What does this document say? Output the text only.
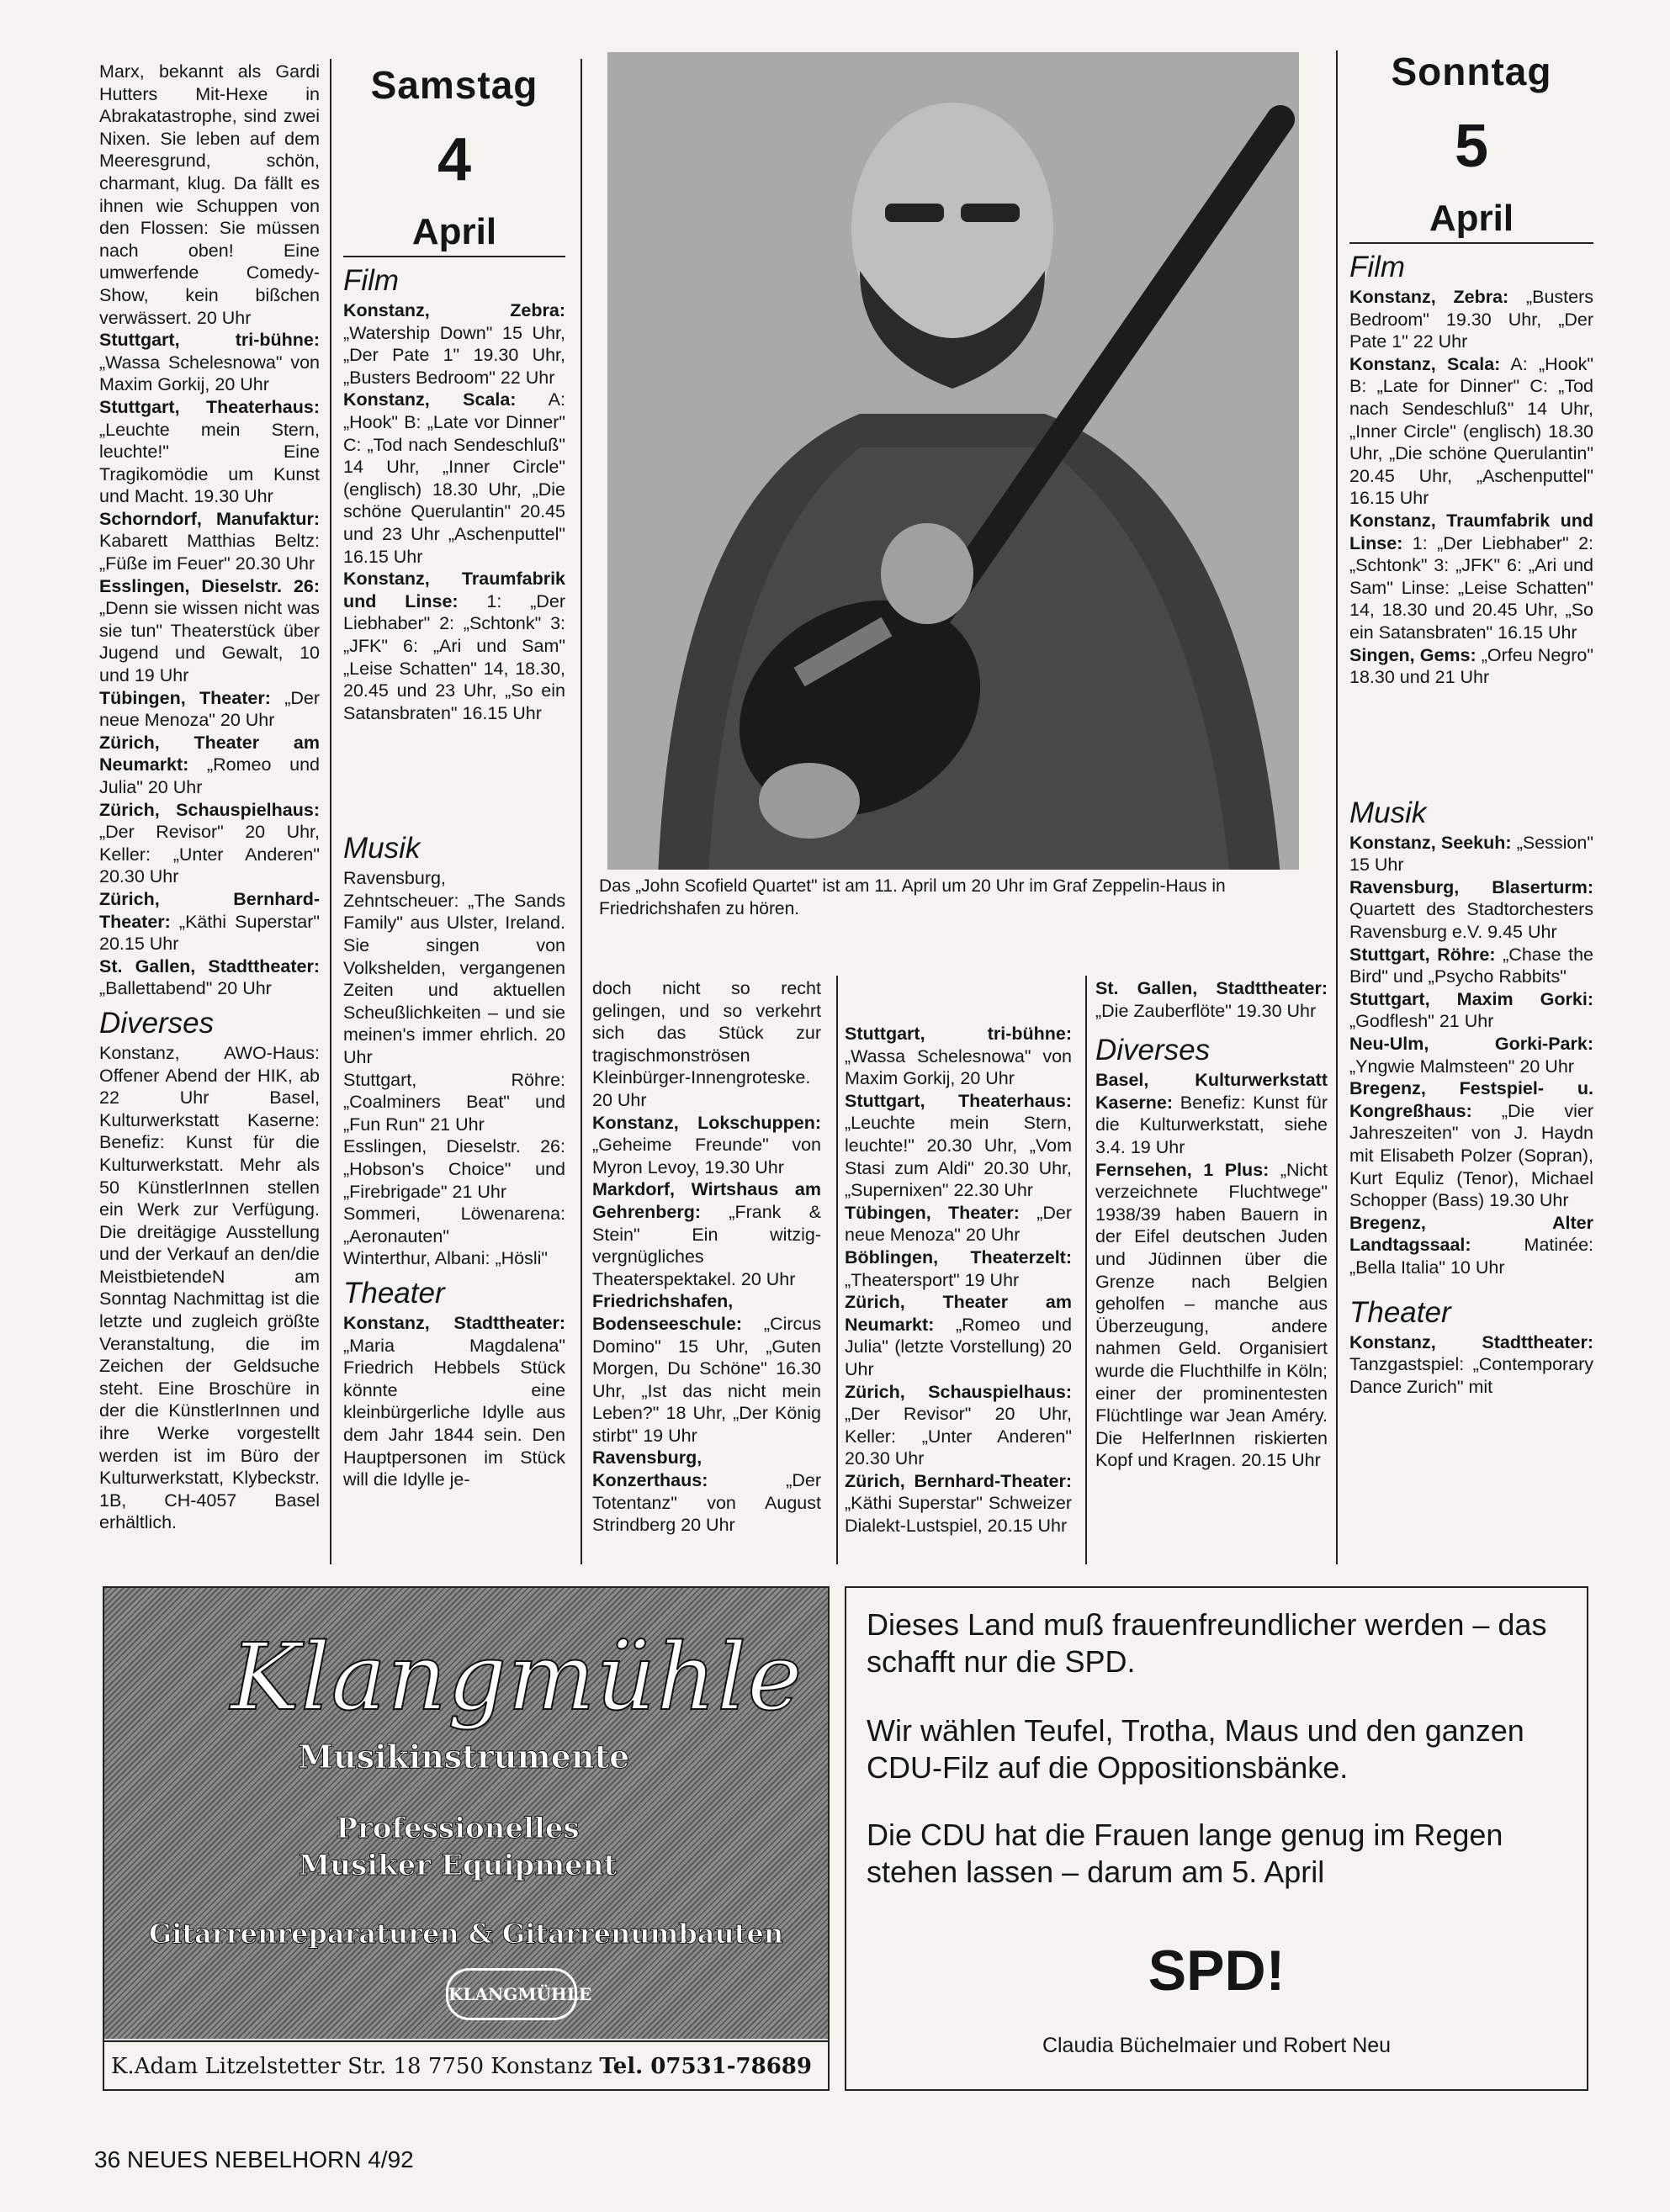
Marx, bekannt als Gardi Hutters Mit-Hexe in Abrakatastrophe, sind zwei Nixen. Sie leben auf dem Meeresgrund, schön, charmant, klug. Da fällt es ihnen wie Schuppen von den Flossen: Sie müssen nach oben! Eine umwerfende Comedy-Show, kein bißchen verwässert. 20 Uhr

Stuttgart, tri-bühne: „Wassa Schelesnowa" von Maxim Gorkij, 20 Uhr

Stuttgart, Theaterhaus: „Leuchte mein Stern, leuchte!" Eine Tragikomödie um Kunst und Macht. 19.30 Uhr

Schorndorf, Manufaktur: Kabarett Matthias Beltz: „Füße im Feuer" 20.30 Uhr

Esslingen, Dieselstr. 26: „Denn sie wissen nicht was sie tun" Theaterstück über Jugend und Gewalt, 10 und 19 Uhr

Tübingen, Theater: „Der neue Menoza" 20 Uhr

Zürich, Theater am Neumarkt: „Romeo und Julia" 20 Uhr

Zürich, Schauspielhaus: „Der Revisor" 20 Uhr, Keller: „Unter Anderen" 20.30 Uhr

Zürich, Bernhard-Theater: „Käthi Superstar" 20.15 Uhr

St. Gallen, Stadttheater: „Ballettabend" 20 Uhr

Diverses

Konstanz, AWO-Haus: Offener Abend der HIK, ab 22 Uhr Basel, Kulturwerkstatt Kaserne: Benefiz: Kunst für die Kulturwerkstatt. Mehr als 50 KünstlerInnen stellen ein Werk zur Verfügung. Die dreitägige Ausstellung und der Verkauf an den/die MeistbietendeN am Sonntag Nachmittag ist die letzte und zugleich größte Veranstaltung, die im Zeichen der Geldsuche steht. Eine Broschüre in der die KünstlerInnen und ihre Werke vorgestellt werden ist im Büro der Kulturwerkstatt, Klybeckstr. 1B, CH-4057 Basel erhältlich.

Samstag
4
April
Film

Konstanz, Zebra: „Watership Down" 15 Uhr, „Der Pate 1" 19.30 Uhr, „Busters Bedroom" 22 Uhr

Konstanz, Scala: A: „Hook" B: „Late vor Dinner" C: „Tod nach Sendeschluß" 14 Uhr, „Inner Circle" (englisch) 18.30 Uhr, „Die schöne Querulantin" 20.45 und 23 Uhr „Aschenputtel" 16.15 Uhr

Konstanz, Traumfabrik und Linse: 1: „Der Liebhaber" 2: „Schtonk" 3: „JFK" 6: „Ari und Sam" „Leise Schatten" 14, 18.30, 20.45 und 23 Uhr, „So ein Satansbraten" 16.15 Uhr

Musik

Ravensburg, Zehntscheuer: „The Sands Family" aus Ulster, Ireland. Sie singen von Volkshelden, vergangenen Zeiten und aktuellen Scheußlichkeiten – und sie meinen's immer ehrlich. 20 Uhr

Stuttgart, Röhre: „Coalminers Beat" und „Fun Run" 21 Uhr

Esslingen, Dieselstr. 26: „Hobson's Choice" und „Firebrigade" 21 Uhr

Sommeri, Löwenarena: „Aeronauten"

Winterthur, Albani: „Hösli"

Theater

Konstanz, Stadttheater: „Maria Magdalena" Friedrich Hebbels Stück könnte eine kleinbürgerliche Idylle aus dem Jahr 1844 sein. Den Hauptpersonen im Stück will die Idylle je-

Das „John Scofield Quartet" ist am 11. April um 20 Uhr im Graf Zeppelin-Haus in Friedrichshafen zu hören.

doch nicht so recht gelingen, und so verkehrt sich das Stück zur tragischmonströsen Kleinbürger-Innengroteske. 20 Uhr

Konstanz, Lokschuppen: „Geheime Freunde" von Myron Levoy, 19.30 Uhr

Markdorf, Wirtshaus am Gehrenberg: „Frank & Stein" Ein witzig-vergnügliches Theaterspektakel. 20 Uhr

Friedrichshafen, Bodenseeschule: „Circus Domino" 15 Uhr, „Guten Morgen, Du Schöne" 16.30 Uhr, „Ist das nicht mein Leben?" 18 Uhr, „Der König stirbt" 19 Uhr

Ravensburg, Konzerthaus: „Der Totentanz" von August Strindberg 20 Uhr

Stuttgart, tri-bühne: „Wassa Schelesnowa" von Maxim Gorkij, 20 Uhr

Stuttgart, Theaterhaus: „Leuchte mein Stern, leuchte!" 20.30 Uhr, „Vom Stasi zum Aldi" 20.30 Uhr, „Supernixen" 22.30 Uhr

Tübingen, Theater: „Der neue Menoza" 20 Uhr

Böblingen, Theaterzelt: „Theatersport" 19 Uhr

Zürich, Theater am Neumarkt: „Romeo und Julia" (letzte Vorstellung) 20 Uhr

Zürich, Schauspielhaus: „Der Revisor" 20 Uhr, Keller: „Unter Anderen" 20.30 Uhr

Zürich, Bernhard-Theater: „Käthi Superstar" Schweizer Dialekt-Lustspiel, 20.15 Uhr

St. Gallen, Stadttheater: „Die Zauberflöte" 19.30 Uhr

Diverses

Basel, Kulturwerkstatt Kaserne: Benefiz: Kunst für die Kulturwerkstatt, siehe 3.4. 19 Uhr

Fernsehen, 1 Plus: „Nicht verzeichnete Fluchtwege" 1938/39 haben Bauern in der Eifel deutschen Juden und Jüdinnen über die Grenze nach Belgien geholfen – manche aus Überzeugung, andere nahmen Geld. Organisiert wurde die Fluchthilfe in Köln; einer der prominentesten Flüchtlinge war Jean Améry. Die HelferInnen riskierten Kopf und Kragen. 20.15 Uhr

Sonntag
5
April
Film

Konstanz, Zebra: „Busters Bedroom" 19.30 Uhr, „Der Pate 1" 22 Uhr

Konstanz, Scala: A: „Hook" B: „Late for Dinner" C: „Tod nach Sendeschluß" 14 Uhr, „Inner Circle" (englisch) 18.30 Uhr, „Die schöne Querulantin" 20.45 Uhr, „Aschenputtel" 16.15 Uhr

Konstanz, Traumfabrik und Linse: 1: „Der Liebhaber" 2: „Schtonk" 3: „JFK" 6: „Ari und Sam" Linse: „Leise Schatten" 14, 18.30 und 20.45 Uhr, „So ein Satansbraten" 16.15 Uhr

Singen, Gems: „Orfeu Negro" 18.30 und 21 Uhr

Musik

Konstanz, Seekuh: „Session" 15 Uhr

Ravensburg, Blaserturm: Quartett des Stadtorchesters Ravensburg e.V. 9.45 Uhr

Stuttgart, Röhre: „Chase the Bird" und „Psycho Rabbits"

Stuttgart, Maxim Gorki: „Godflesh" 21 Uhr

Neu-Ulm, Gorki-Park: „Yngwie Malmsteen" 20 Uhr

Bregenz, Festspiel- u. Kongreßhaus: „Die vier Jahreszeiten" von J. Haydn mit Elisabeth Polzer (Sopran), Kurt Equliz (Tenor), Michael Schopper (Bass) 19.30 Uhr

Bregenz, Alter Landtagssaal: Matinée: „Bella Italia" 10 Uhr

Theater

Konstanz, Stadttheater: Tanzgastspiel: „Contemporary Dance Zurich" mit

Klangmühle
Musikinstrumente
Professionelles Musiker Equipment
Gitarrenreparaturen & Gitarrenumbauten
KLANGMÜHLE
K.Adam Litzelstetter Str. 18 7750 Konstanz Tel. 07531-78689

Dieses Land muß frauenfreundlicher werden – das schafft nur die SPD.

Wir wählen Teufel, Trotha, Maus und den ganzen CDU-Filz auf die Oppositionsbänke.

Die CDU hat die Frauen lange genug im Regen stehen lassen – darum am 5. April

SPD!
Claudia Büchelmaier und Robert Neu
36 NEUES NEBELHORN 4/92
